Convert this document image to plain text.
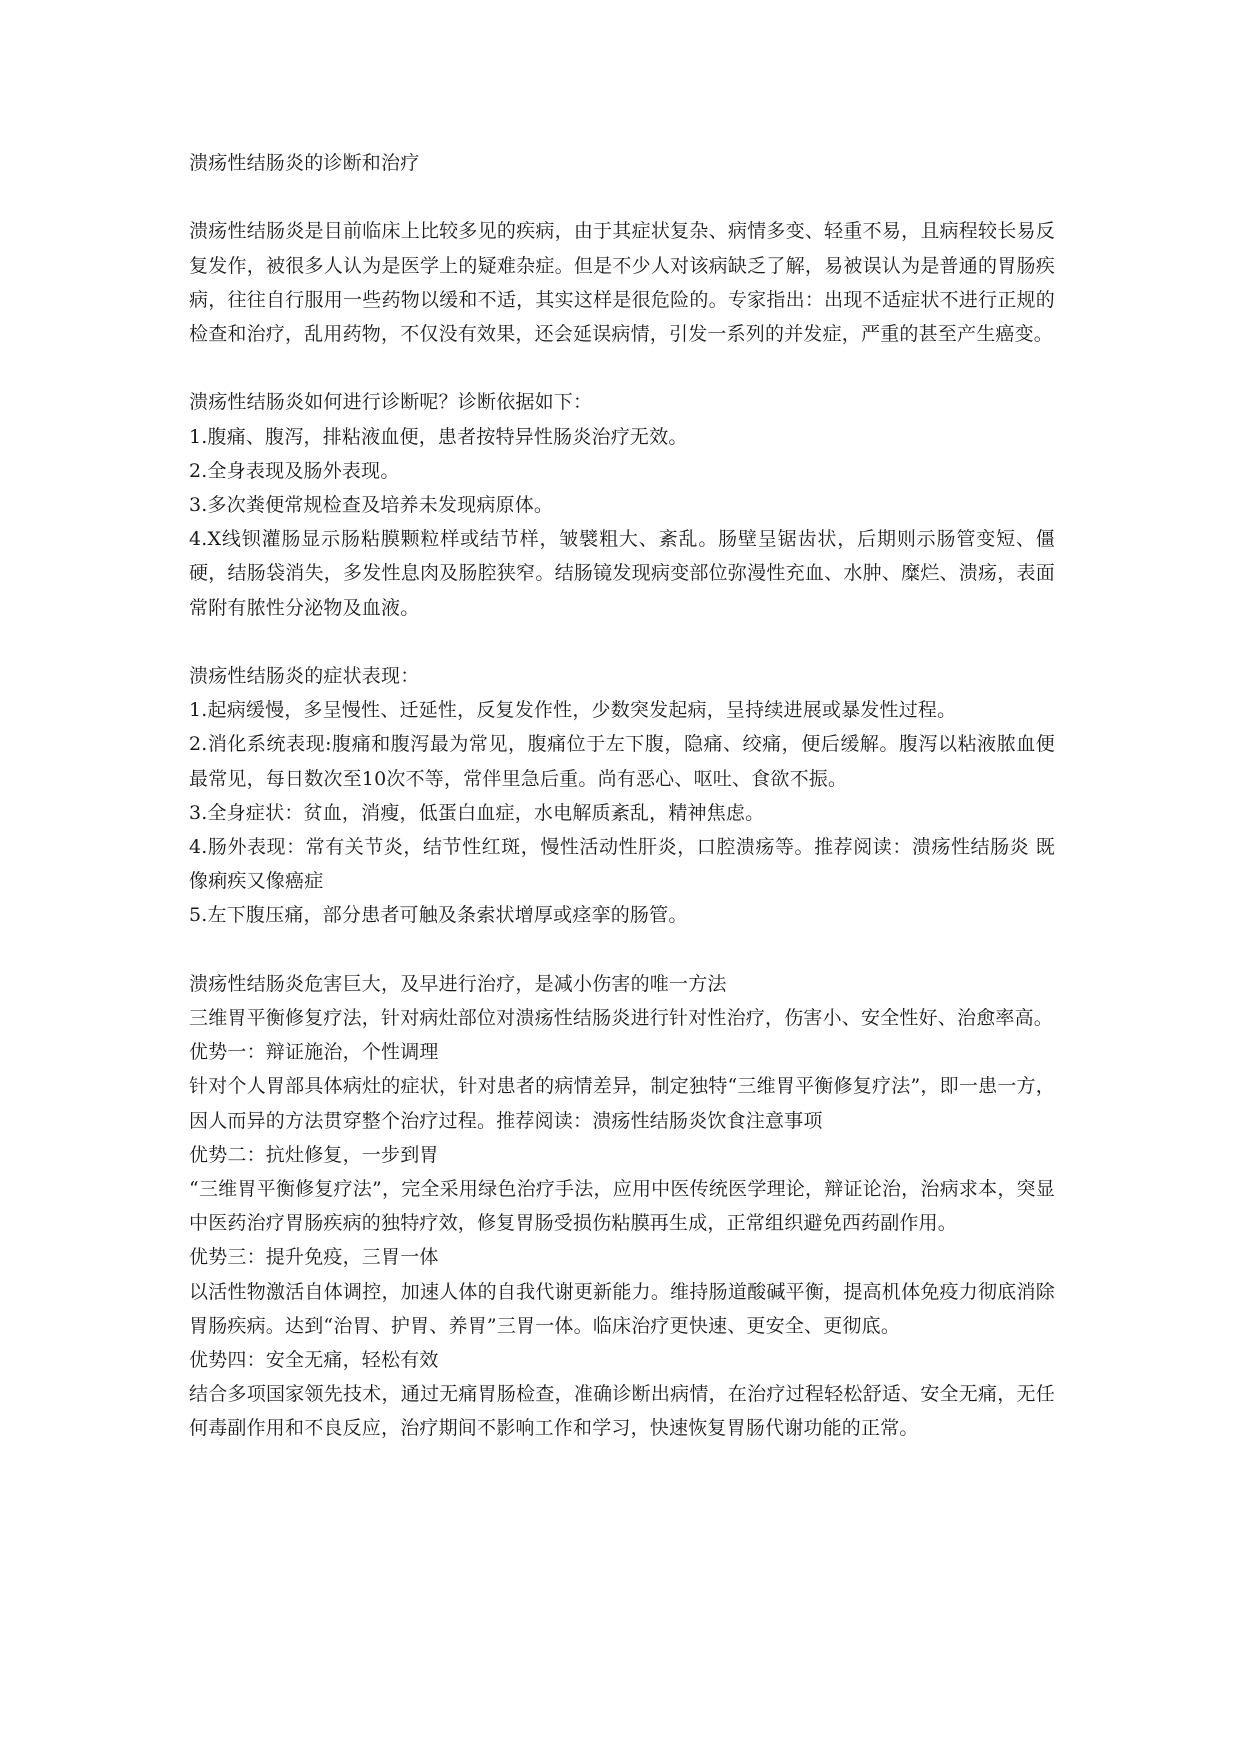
溃疡性结肠炎的诊断和治疗

溃疡性结肠炎是目前临床上比较多见的疾病，由于其症状复杂、病情多变、轻重不易，且病程较长易反复发作，被很多人认为是医学上的疑难杂症。但是不少人对该病缺乏了解，易被误认为是普通的胃肠疾病，往往自行服用一些药物以缓和不适，其实这样是很危险的。专家指出：出现不适症状不进行正规的检查和治疗，乱用药物，不仅没有效果，还会延误病情，引发一系列的并发症，严重的甚至产生癌变。

溃疡性结肠炎如何进行诊断呢？诊断依据如下：

1.腹痛、腹泻，排粘液血便，患者按特异性肠炎治疗无效。

2.全身表现及肠外表现。

3.多次粪便常规检查及培养未发现病原体。

4.X线钡灌肠显示肠粘膜颗粒样或结节样，皱襞粗大、紊乱。肠壁呈锯齿状，后期则示肠管变短、僵硬，结肠袋消失，多发性息肉及肠腔狭窄。结肠镜发现病变部位弥漫性充血、水肿、糜烂、溃疡，表面常附有脓性分泌物及血液。

溃疡性结肠炎的症状表现：

1.起病缓慢，多呈慢性、迁延性，反复发作性，少数突发起病，呈持续进展或暴发性过程。

2.消化系统表现:腹痛和腹泻最为常见，腹痛位于左下腹，隐痛、绞痛，便后缓解。腹泻以粘液脓血便最常见，每日数次至10次不等，常伴里急后重。尚有恶心、呕吐、食欲不振。

3.全身症状：贫血，消瘦，低蛋白血症，水电解质紊乱，精神焦虑。

4.肠外表现：常有关节炎，结节性红斑，慢性活动性肝炎，口腔溃疡等。推荐阅读：溃疡性结肠炎 既像痢疾又像癌症

5.左下腹压痛，部分患者可触及条索状增厚或痉挛的肠管。

溃疡性结肠炎危害巨大，及早进行治疗，是减小伤害的唯一方法

三维胃平衡修复疗法，针对病灶部位对溃疡性结肠炎进行针对性治疗，伤害小、安全性好、治愈率高。

优势一：辩证施治，个性调理

针对个人胃部具体病灶的症状，针对患者的病情差异，制定独特“三维胃平衡修复疗法”，即一患一方，因人而异的方法贯穿整个治疗过程。推荐阅读：溃疡性结肠炎饮食注意事项

优势二：抗灶修复，一步到胃

“三维胃平衡修复疗法”，完全采用绿色治疗手法，应用中医传统医学理论，辩证论治，治病求本，突显中医药治疗胃肠疾病的独特疗效，修复胃肠受损伤粘膜再生成，正常组织避免西药副作用。

优势三：提升免疫，三胃一体

以活性物激活自体调控，加速人体的自我代谢更新能力。维持肠道酸碱平衡，提高机体免疫力彻底消除胃肠疾病。达到“治胃、护胃、养胃”三胃一体。临床治疗更快速、更安全、更彻底。

优势四：安全无痛，轻松有效

结合多项国家领先技术，通过无痛胃肠检查，准确诊断出病情，在治疗过程轻松舒适、安全无痛，无任何毒副作用和不良反应，治疗期间不影响工作和学习，快速恢复胃肠代谢功能的正常。
